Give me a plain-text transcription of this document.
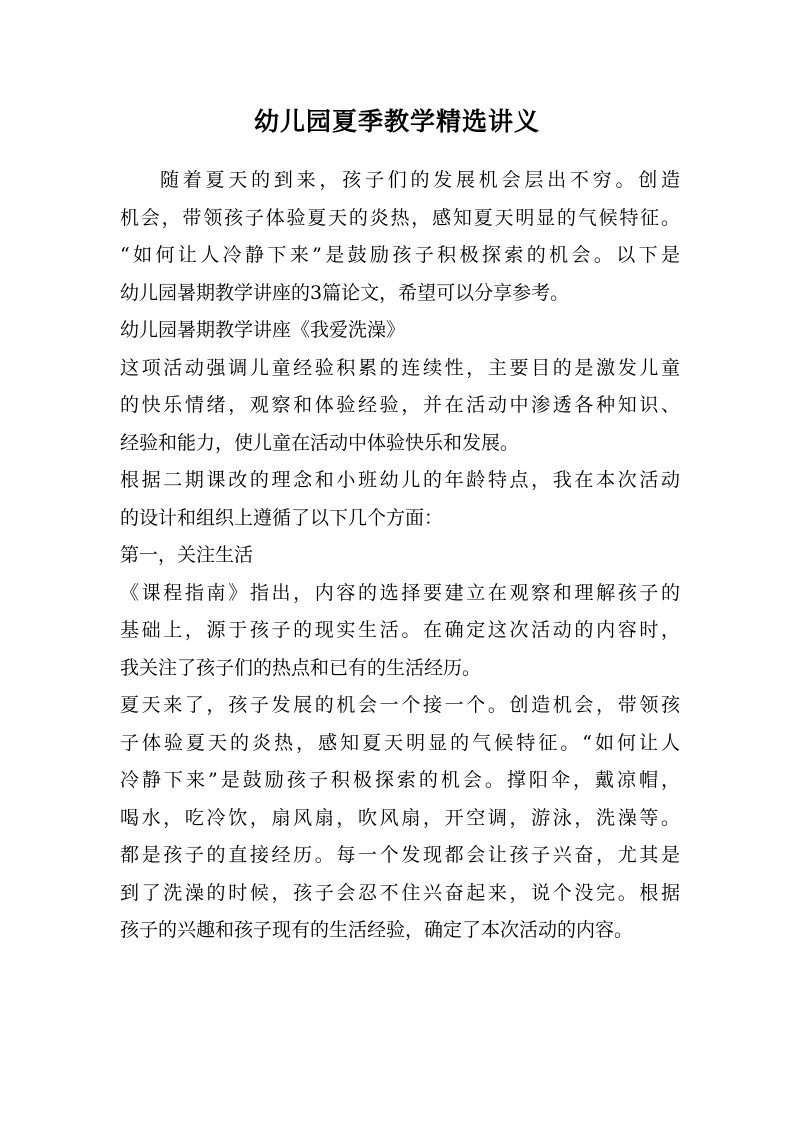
幼儿园夏季教学精选讲义
随着夏天的到来，孩子们的发展机会层出不穷。创造
机会，带领孩子体验夏天的炎热，感知夏天明显的气候特征。
“如何让人冷静下来”是鼓励孩子积极探索的机会。以下是
幼儿园暑期教学讲座的3篇论文，希望可以分享参考。
幼儿园暑期教学讲座《我爱洗澡》
这项活动强调儿童经验积累的连续性，主要目的是激发儿童
的快乐情绪，观察和体验经验，并在活动中渗透各种知识、
经验和能力，使儿童在活动中体验快乐和发展。
根据二期课改的理念和小班幼儿的年龄特点，我在本次活动
的设计和组织上遵循了以下几个方面：
第一，关注生活
《课程指南》指出，内容的选择要建立在观察和理解孩子的
基础上，源于孩子的现实生活。在确定这次活动的内容时，
我关注了孩子们的热点和已有的生活经历。
夏天来了，孩子发展的机会一个接一个。创造机会，带领孩
子体验夏天的炎热，感知夏天明显的气候特征。“如何让人
冷静下来”是鼓励孩子积极探索的机会。撑阳伞，戴凉帽，
喝水，吃冷饮，扇风扇，吹风扇，开空调，游泳，洗澡等。
都是孩子的直接经历。每一个发现都会让孩子兴奋，尤其是
到了洗澡的时候，孩子会忍不住兴奋起来，说个没完。根据
孩子的兴趣和孩子现有的生活经验，确定了本次活动的内容。
